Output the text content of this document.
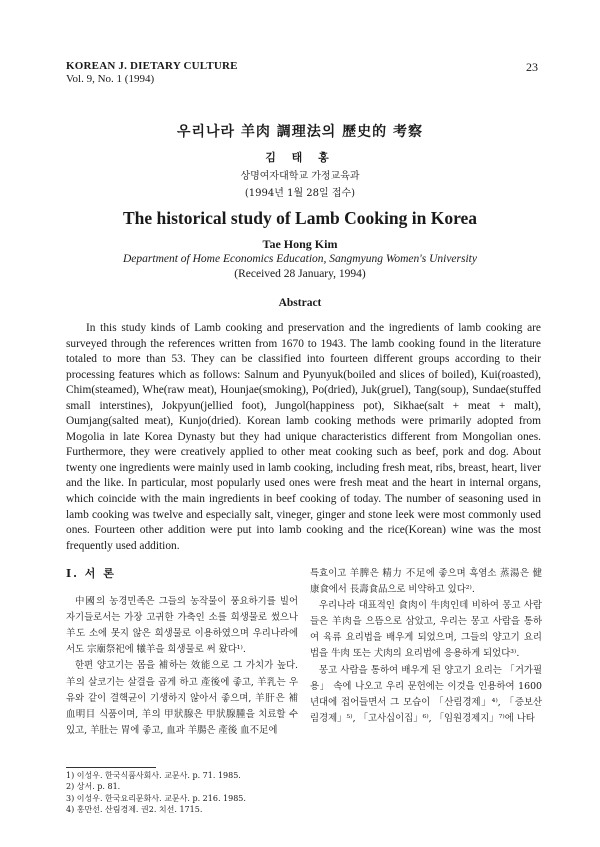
KOREAN J. DIETARY CULTURE
Vol. 9, No. 1 (1994)
23
우리나라 羊肉 調理法의 歷史的 考察
김 태 홍
상명여자대학교 가정교육과
(1994년 1월 28일 접수)
The historical study of Lamb Cooking in Korea
Tae Hong Kim
Department of Home Economics Education, Sangmyung Women's University
(Received 28 January, 1994)
Abstract

In this study kinds of Lamb cooking and preservation and the ingredients of lamb cooking are surveyed through the references written from 1670 to 1943. The lamb cooking found in the literature totaled to more than 53. They can be classified into fourteen different groups according to their processing features which as follows: Salnum and Pyunyuk(boiled and slices of boiled), Kui(roasted), Chim(steamed), Whe(raw meat), Hounjae(smoking), Po(dried), Juk(gruel), Tang(soup), Sundae(stuffed small interstines), Jokpyun(jellied foot), Jungol(happiness pot), Sikhae(salt + meat + malt), Oumjang(salted meat), Kunjo(dried). Korean lamb cooking methods were primarily adopted from Mogolia in late Korea Dynasty but they had unique characteristics different from Mongolian ones. Furthermore, they were creatively applied to other meat cooking such as beef, pork and dog. About twenty one ingredients were mainly used in lamb cooking, including fresh meat, ribs, breast, heart, liver and the like. In particular, most popularly used ones were fresh meat and the heart in internal organs, which coincide with the main ingredients in beef cooking of today. The number of seasoning used in lamb cooking was twelve and especially salt, vineger, ginger and stone leek were most commonly used ones. Fourteen other addition were put into lamb cooking and the rice(Korean) wine was the most frequently used addition.

I. 서 론

中國의 농경민족은 그들의 농작물이 풍요하기를 빌어 자기들로서는 가장 고귀한 가축인 소를 희생물로 썼으나 羊도 소에 못지 않은 희생물로 이용하였으며 우리나라에서도 宗廟祭祀에 犧羊을 희생물로 써 왔다¹⁾.

한편 양고기는 몸을 補하는 效能으로 그 가치가 높다. 羊의 살코기는 살결을 곱게 하고 產後에 좋고, 羊乳는 우유와 같이 결핵균이 기생하지 않아서 좋으며, 羊肝은 補血明目 식품이며, 羊의 甲狀腺은 甲狀腺腫을 치료할 수 있고, 羊肚는 胃에 좋고, 血과 羊腸은 產後 血不足에

특효이고 羊脾은 精力 不足에 좋으며 흑염소 蒸湯은 健康食에서 長壽食品으로 비약하고 있다²⁾.

우리나라 대표적인 食肉이 牛肉인데 비하여 몽고 사람들은 羊肉을 으뜸으로 삼았고, 우리는 몽고 사람을 통하여 육류 요리법을 배우게 되었으며, 그들의 양고기 요리법을 牛肉 또는 犬肉의 요리법에 응용하게 되었다³⁾.

몽고 사람을 통하여 배우게 된 양고기 요리는 「거가필용」 속에 나오고 우리 문헌에는 이것을 인용하여 1600년대에 접어들면서 그 모습이 「산림경제」⁴⁾, 「증보산림경제」⁵⁾, 「고사십이집」⁶⁾, 「임원경제지」⁷⁾에 나타

1) 이성우. 한국식품사회사. 교문사. p. 71. 1985.
2) 상서. p. 81.
3) 이성우. 한국요리문화사. 교문사. p. 216. 1985.
4) 홍만선. 산림경제. 권2. 치선. 1715.
